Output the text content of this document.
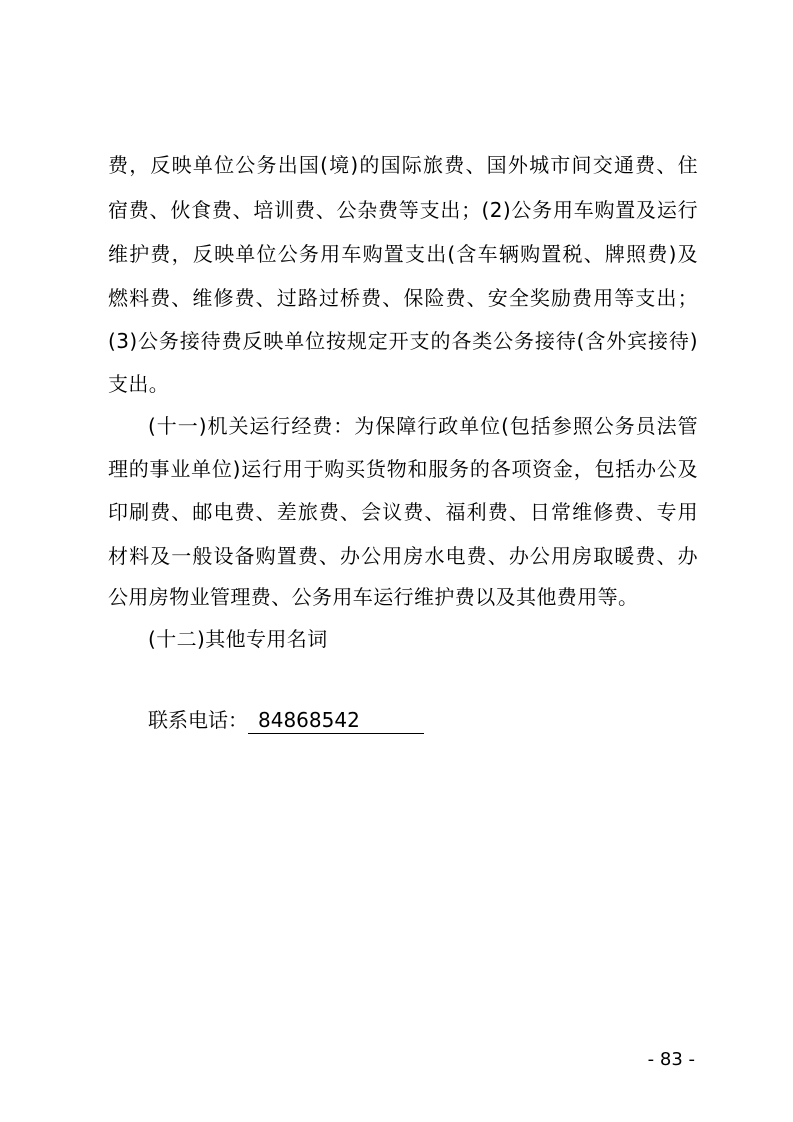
费，反映单位公务出国(境)的国际旅费、国外城市间交通费、住
宿费、伙食费、培训费、公杂费等支出；(2)公务用车购置及运行
维护费，反映单位公务用车购置支出(含车辆购置税、牌照费)及
燃料费、维修费、过路过桥费、保险费、安全奖励费用等支出；
(3)公务接待费反映单位按规定开支的各类公务接待(含外宾接待)
支出。
(十一)机关运行经费：为保障行政单位(包括参照公务员法管
理的事业单位)运行用于购买货物和服务的各项资金，包括办公及
印刷费、邮电费、差旅费、会议费、福利费、日常维修费、专用
材料及一般设备购置费、办公用房水电费、办公用房取暖费、办
公用房物业管理费、公务用车运行维护费以及其他费用等。
(十二)其他专用名词
联系电话： 84868542
- 83 -
